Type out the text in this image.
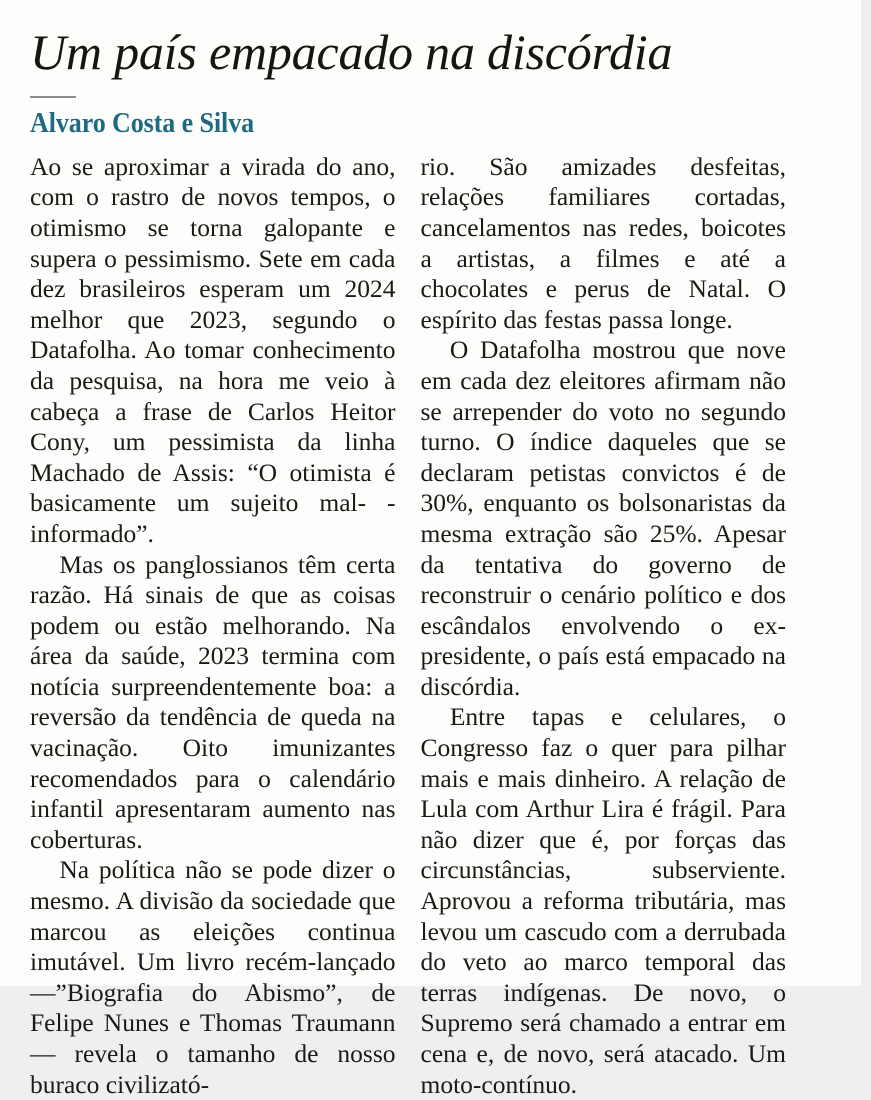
Um país empacado na discórdia
Alvaro Costa e Silva

Ao se aproximar a virada do ano, com o rastro de novos tempos, o otimismo se torna galopante e supera o pessimismo. Sete em cada dez brasileiros esperam um 2024 melhor que 2023, segundo o Datafolha. Ao tomar conhecimento da pesquisa, na hora me veio à cabeça a frase de Carlos Heitor Cony, um pessimista da linha Machado de Assis: “O otimista é basicamente um sujeito mal- -informado”.

Mas os panglossianos têm certa razão. Há sinais de que as coisas podem ou estão melhorando. Na área da saúde, 2023 termina com notícia surpreendentemente boa: a reversão da tendência de queda na vacinação. Oito imunizantes recomendados para o calendário infantil apresentaram aumento nas coberturas.

Na política não se pode dizer o mesmo. A divisão da sociedade que marcou as eleições continua imutável. Um livro recém-lançado —”Biografia do Abismo”, de Felipe Nunes e Thomas Traumann— revela o tamanho de nosso buraco civilizató-

rio. São amizades desfeitas, relações familiares cortadas, cancelamentos nas redes, boicotes a artistas, a filmes e até a chocolates e perus de Natal. O espírito das festas passa longe.

O Datafolha mostrou que nove em cada dez eleitores afirmam não se arrepender do voto no segundo turno. O índice daqueles que se declaram petistas convictos é de 30%, enquanto os bolsonaristas da mesma extração são 25%. Apesar da tentativa do governo de reconstruir o cenário político e dos escândalos envolvendo o ex-presidente, o país está empacado na discórdia.

Entre tapas e celulares, o Congresso faz o quer para pilhar mais e mais dinheiro. A relação de Lula com Arthur Lira é frágil. Para não dizer que é, por forças das circunstâncias, subserviente. Aprovou a reforma tributária, mas levou um cascudo com a derrubada do veto ao marco temporal das terras indígenas. De novo, o Supremo será chamado a entrar em cena e, de novo, será atacado. Um moto-contínuo.
